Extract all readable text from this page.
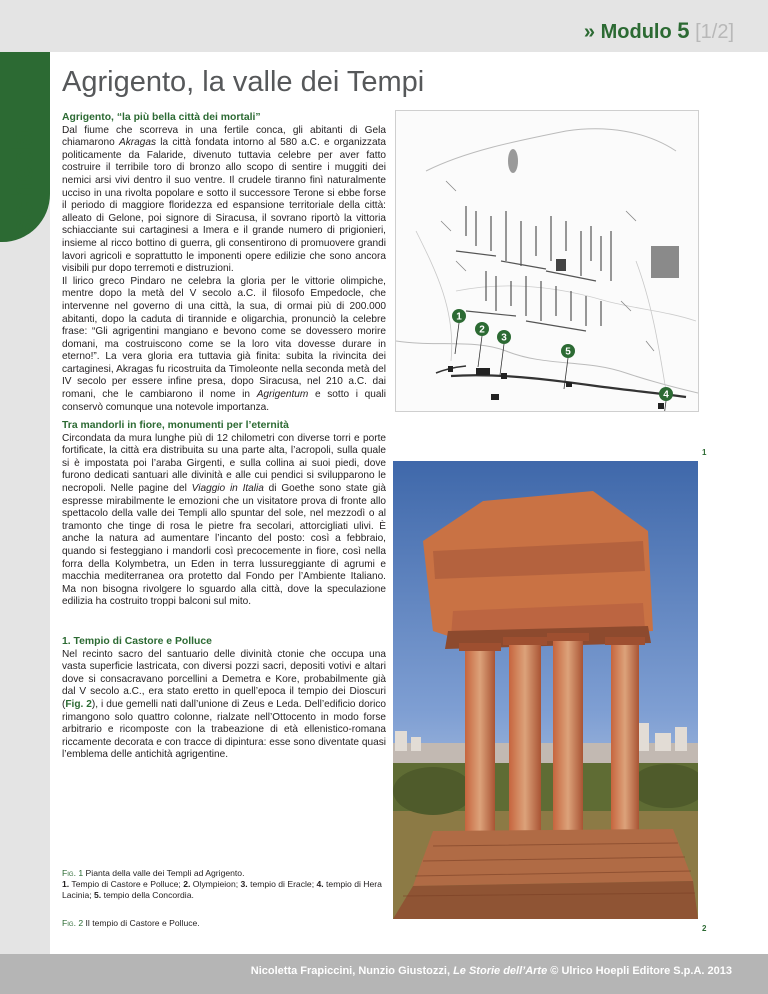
» Modulo 5 [1/2]
scheda
Agrigento, la valle dei Tempi

Agrigento, “la più bella città dei mortali”

Dal fiume che scorreva in una fertile conca, gli abitanti di Gela chiamarono Akragas la città fondata intorno al 580 a.C. e organizzata politicamente da Falaride, divenuto tuttavia celebre per aver fatto costruire il terribile toro di bronzo allo scopo di sentire i muggiti dei nemici arsi vivi dentro il suo ventre. Il crudele tiranno finì naturalmente ucciso in una rivolta popolare e sotto il successore Terone si ebbe forse il periodo di maggiore floridezza ed espansione territoriale della città: alleato di Gelone, poi signore di Siracusa, il sovrano riportò la vittoria schiacciante sui cartaginesi a Imera e il grande numero di prigionieri, insieme al ricco bottino di guerra, gli consentirono di promuovere grandi lavori agricoli e soprattutto le imponenti opere edilizie che sono ancora visibili pur dopo terremoti e distruzioni.

Il lirico greco Pindaro ne celebra la gloria per le vittorie olimpiche, mentre dopo la metà del V secolo a.C. il filosofo Empedocle, che intervenne nel governo di una città, la sua, di ormai più di 200.000 abitanti, dopo la caduta di tirannide e oligarchia, pronunciò la celebre frase: “Gli agrigentini mangiano e bevono come se dovessero morire domani, ma costruiscono come se la loro vita dovesse durare in eterno!”. La vera gloria era tuttavia già finita: subita la rivincita dei cartaginesi, Akragas fu ricostruita da Timoleonte nella seconda metà del IV secolo per essere infine presa, dopo Siracusa, nel 210 a.C. dai romani, che le cambiarono il nome in Agrigentum e sotto i quali conservò comunque una notevole importanza.

Tra mandorli in fiore, monumenti per l’eternità

Circondata da mura lunghe più di 12 chilometri con diverse torri e porte fortificate, la città era distribuita su una parte alta, l’acropoli, sulla quale si è impostata poi l’araba Girgenti, e sulla collina ai suoi piedi, dove furono dedicati santuari alle divinità e alle cui pendici si svilupparono le necropoli. Nelle pagine del Viaggio in Italia di Goethe sono state già espresse mirabilmente le emozioni che un visitatore prova di fronte allo spettacolo della valle dei Templi allo spuntar del sole, nel mezzodì o al tramonto che tinge di rosa le pietre fra secolari, attorcigliati ulivi. È anche la natura ad aumentare l’incanto del posto: così a febbraio, quando si festeggiano i mandorli così precocemente in fiore, così nella forra della Kolymbetra, un Eden in terra lussureggiante di agrumi e macchia mediterranea ora protetto dal Fondo per l’Ambiente Italiano. Ma non bisogna rivolgere lo sguardo alla città, dove la speculazione edilizia ha costruito troppi balconi sul mito.

1. Tempio di Castore e Polluce

Nel recinto sacro del santuario delle divinità ctonie che occupa una vasta superficie lastricata, con diversi pozzi sacri, depositi votivi e altari dove si consacravano porcellini a Demetra e Kore, probabilmente già dal V secolo a.C., era stato eretto in quell’epoca il tempio dei Dioscuri (Fig. 2), i due gemelli nati dall’unione di Zeus e Leda. Dell’edificio dorico rimangono solo quattro colonne, rialzate nell’Ottocento in modo forse arbitrario e ricomposte con la trabeazione di età ellenistico-romana riccamente decorata e con tracce di dipintura: esse sono diventate quasi l’emblema delle antichità agrigentine.

1
2
3
4
5
1
2
Fig. 1 Pianta della valle dei Templi ad Agrigento.
1. Tempio di Castore e Polluce; 2. Olympieion; 3. tempio di Eracle; 4. tempio di Hera Lacinia; 5. tempio della Concordia.
Fig. 2 Il tempio di Castore e Polluce.
Nicoletta Frapiccini, Nunzio Giustozzi, Le Storie dell’Arte © Ulrico Hoepli Editore S.p.A. 2013
